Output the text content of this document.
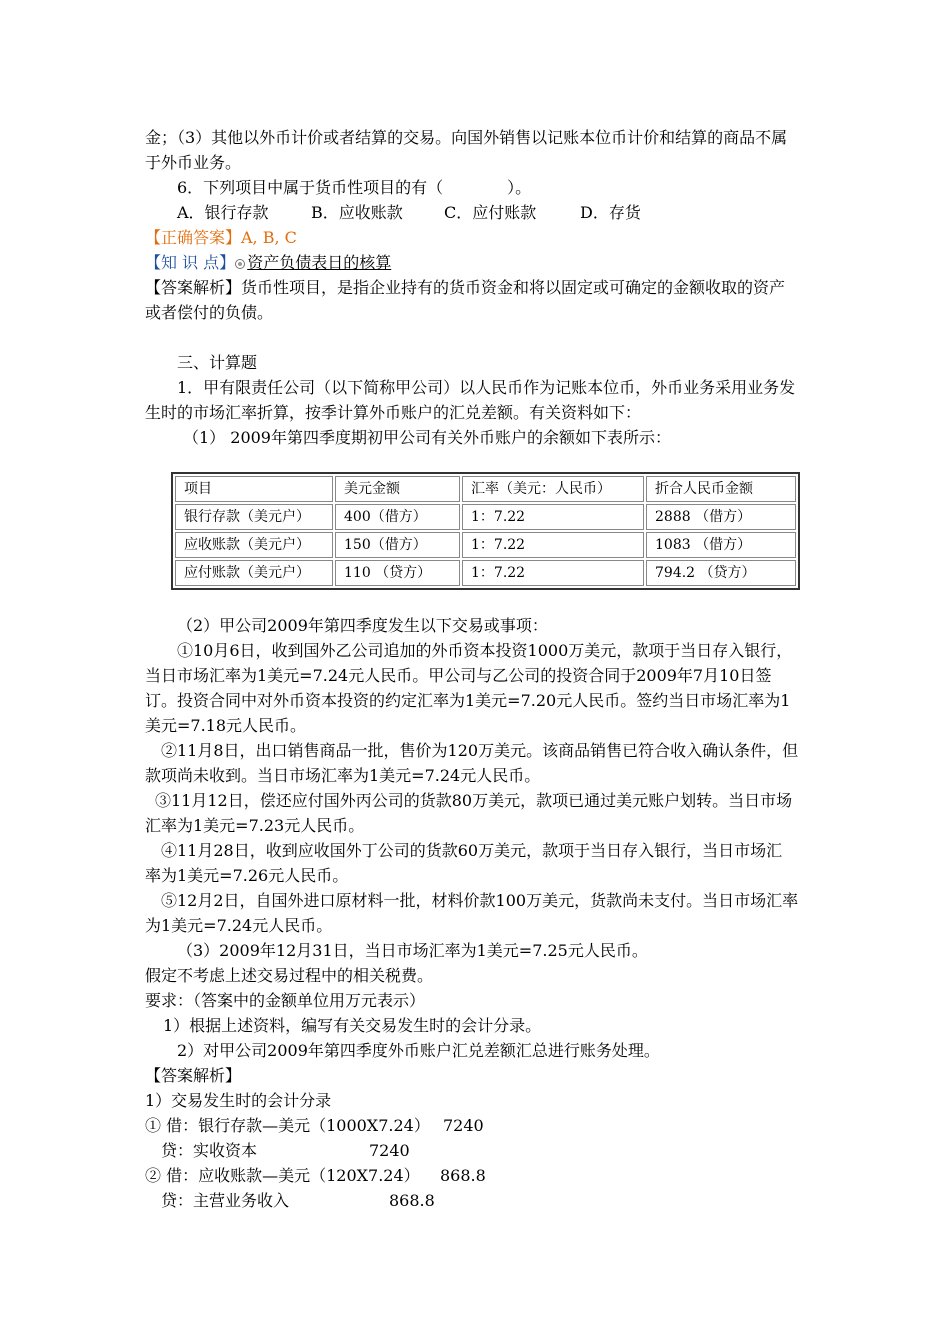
金；（3）其他以外币计价或者结算的交易。向国外销售以记账本位币计价和结算的商品不属
于外币业务。
6．下列项目中属于货币性项目的有（　　　　）。
A．银行存款	B．应收账款	C．应付账款	D．存货
【正确答案】A, B, C
【知 识 点】 资产负债表日的核算
【答案解析】货币性项目，是指企业持有的货币资金和将以固定或可确定的金额收取的资产
或者偿付的负债。
三、计算题
1．甲有限责任公司（以下简称甲公司）以人民币作为记账本位币，外币业务采用业务发
生时的市场汇率折算，按季计算外币账户的汇兑差额。有关资料如下：
（1） 2009年第四季度期初甲公司有关外币账户的余额如下表所示：
项目	美元金额	汇率（美元：人民币）	折合人民币金额
银行存款（美元户）	400（借方）	1：7.22	2888 （借方）
应收账款（美元户）	150（借方）	1：7.22	1083 （借方）
应付账款（美元户）	110 （贷方）	1：7.22	794.2 （贷方）
（2）甲公司2009年第四季度发生以下交易或事项：
①10月6日，收到国外乙公司追加的外币资本投资1000万美元，款项于当日存入银行，
当日市场汇率为1美元=7.24元人民币。甲公司与乙公司的投资合同于2009年7月10日签
订。投资合同中对外币资本投资的约定汇率为1美元=7.20元人民币。签约当日市场汇率为1
美元=7.18元人民币。
②11月8日，出口销售商品一批，售价为120万美元。该商品销售已符合收入确认条件，但
款项尚未收到。当日市场汇率为1美元=7.24元人民币。
③11月12日，偿还应付国外丙公司的货款80万美元，款项已通过美元账户划转。当日市场
汇率为1美元=7.23元人民币。
④11月28日，收到应收国外丁公司的货款60万美元，款项于当日存入银行，当日市场汇
率为1美元=7.26元人民币。
⑤12月2日，自国外进口原材料一批，材料价款100万美元，货款尚未支付。当日市场汇率
为1美元=7.24元人民币。
（3）2009年12月31日，当日市场汇率为1美元=7.25元人民币。
假定不考虑上述交易过程中的相关税费。
要求：（答案中的金额单位用万元表示）
1）根据上述资料，编写有关交易发生时的会计分录。
2）对甲公司2009年第四季度外币账户汇兑差额汇总进行账务处理。
【答案解析】
1）交易发生时的会计分录
① 借：银行存款—美元（1000X7.24） 7240
贷：实收资本	7240
② 借：应收账款—美元（120X7.24） 868.8
贷：主营业务收入	868.8
